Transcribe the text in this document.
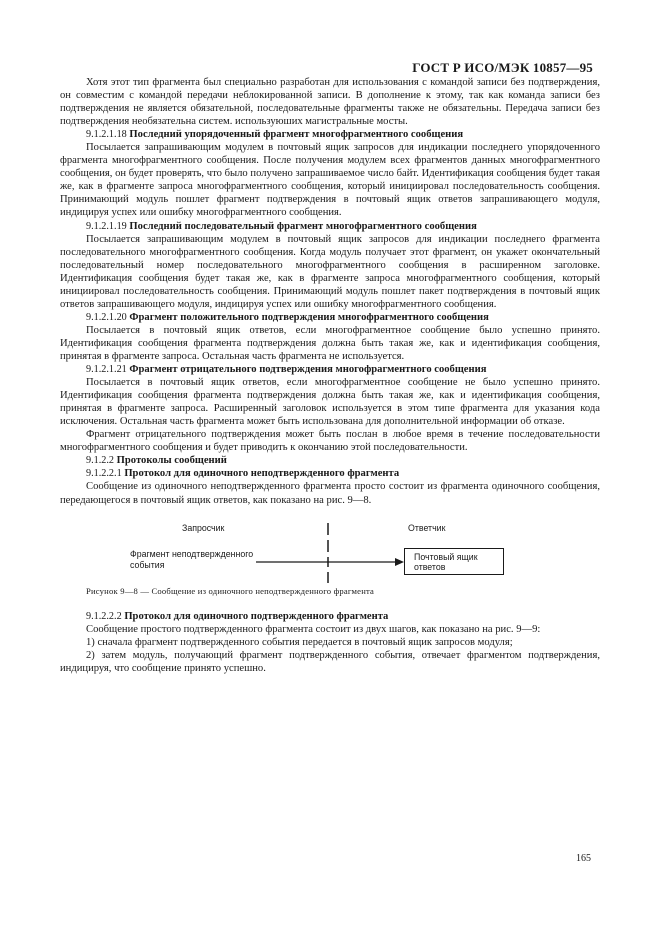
ГОСТ Р ИСО/МЭК 10857—95

Хотя этот тип фрагмента был специально разработан для использования с командой записи без подтверждения, он совместим с командой передачи неблокированной записи. В дополнение к этому, так как команда записи без подтверждения не является обязательной, последовательные фрагменты также не обязательны. Передача записи без подтверждения необязательна систем. используюших магистральные мосты.

9.1.2.1.18 Последний упорядоченный фрагмент многофрагментного сообщения

Посылается запрашивающим модулем в почтовый ящик запросов для индикации последнего упорядоченного фрагмента многофрагментного сообщения. После получения модулем всех фрагментов данных многофрагментного сообщения, он будет проверять, что было получено запрашиваемое число байт. Идентификация сообщения будет такая же, как в фрагменте запроса многофрагментного сообщения, который инициировал последовательность сообщения. Принимающий модуль пошлет фрагмент подтверждения в почтовый ящик ответов запрашивающего модуля, индицируя успех или ошибку многофрагментного сообщения.

9.1.2.1.19 Последний последовательный фрагмент многофрагментного сообщения

Посылается запрашивающим модулем в почтовый ящик запросов для индикации последнего фрагмента последовательного многофрагментного сообщения. Когда модуль получает этот фрагмент, он укажет окончательный последовательный номер последовательного многофрагментного сообщения в расширенном заголовке. Идентификация сообщения будет такая же, как в фрагменте запроса многофрагментного сообщения, который инициировал последовательность сообщения. Принимающий модуль пошлет пакет подтверждения в почтовый ящик ответов запрашивающего модуля, индицируя успех или ошибку многофрагментного сообщения.

9.1.2.1.20 Фрагмент положительного подтверждения многофрагментного сообщения

Посылается в почтовый ящик ответов, если многофрагментное сообщение было успешно принято. Идентификация сообщения фрагмента подтверждения должна быть такая же, как и идентификация сообщения, принятая в фрагменте запроса. Остальная часть фрагмента не используется.

9.1.2.1.21 Фрагмент отрицательного подтверждения многофрагментного сообщения

Посылается в почтовый ящик ответов, если многофрагментное сообщение не было успешно принято. Идентификация сообщения фрагмента подтверждения должна быть такая же, как и идентификация сообщения, принятая в фрагменте запроса. Расширенный заголовок используется в этом типе фрагмента для указания кода исключения. Остальная часть фрагмента может быть использована для дополнительной информации об отказе.

Фрагмент отрицательного подтверждения может быть послан в любое время в течение последовательности многофрагментного сообщения и будет приводить к окончанию этой последовательности.

9.1.2.2 Протоколы сообщений

9.1.2.2.1 Протокол для одиночного неподтвержденного фрагмента

Сообщение из одиночного неподтвержденного фрагмента просто состоит из фрагмента одиночного сообщения, передающегося в почтовый ящик ответов, как показано на рис. 9—8.

Запросчик	Ответчик
Фрагмент неподтвержденного
события
Почтовый ящик
ответов

Рисунок 9—8 — Сообщение из одиночного неподтвержденного фрагмента

9.1.2.2.2 Протокол для одиночного подтвержденного фрагмента

Сообщение простого подтвержденного фрагмента состоит из двух шагов, как показано на рис. 9—9:

1) сначала фрагмент подтвержденного события передается в почтовый ящик запросов модуля;

2) затем модуль, получающий фрагмент подтвержденного события, отвечает фрагментом подтверждения, индицируя, что сообщение принято успешно.

165
